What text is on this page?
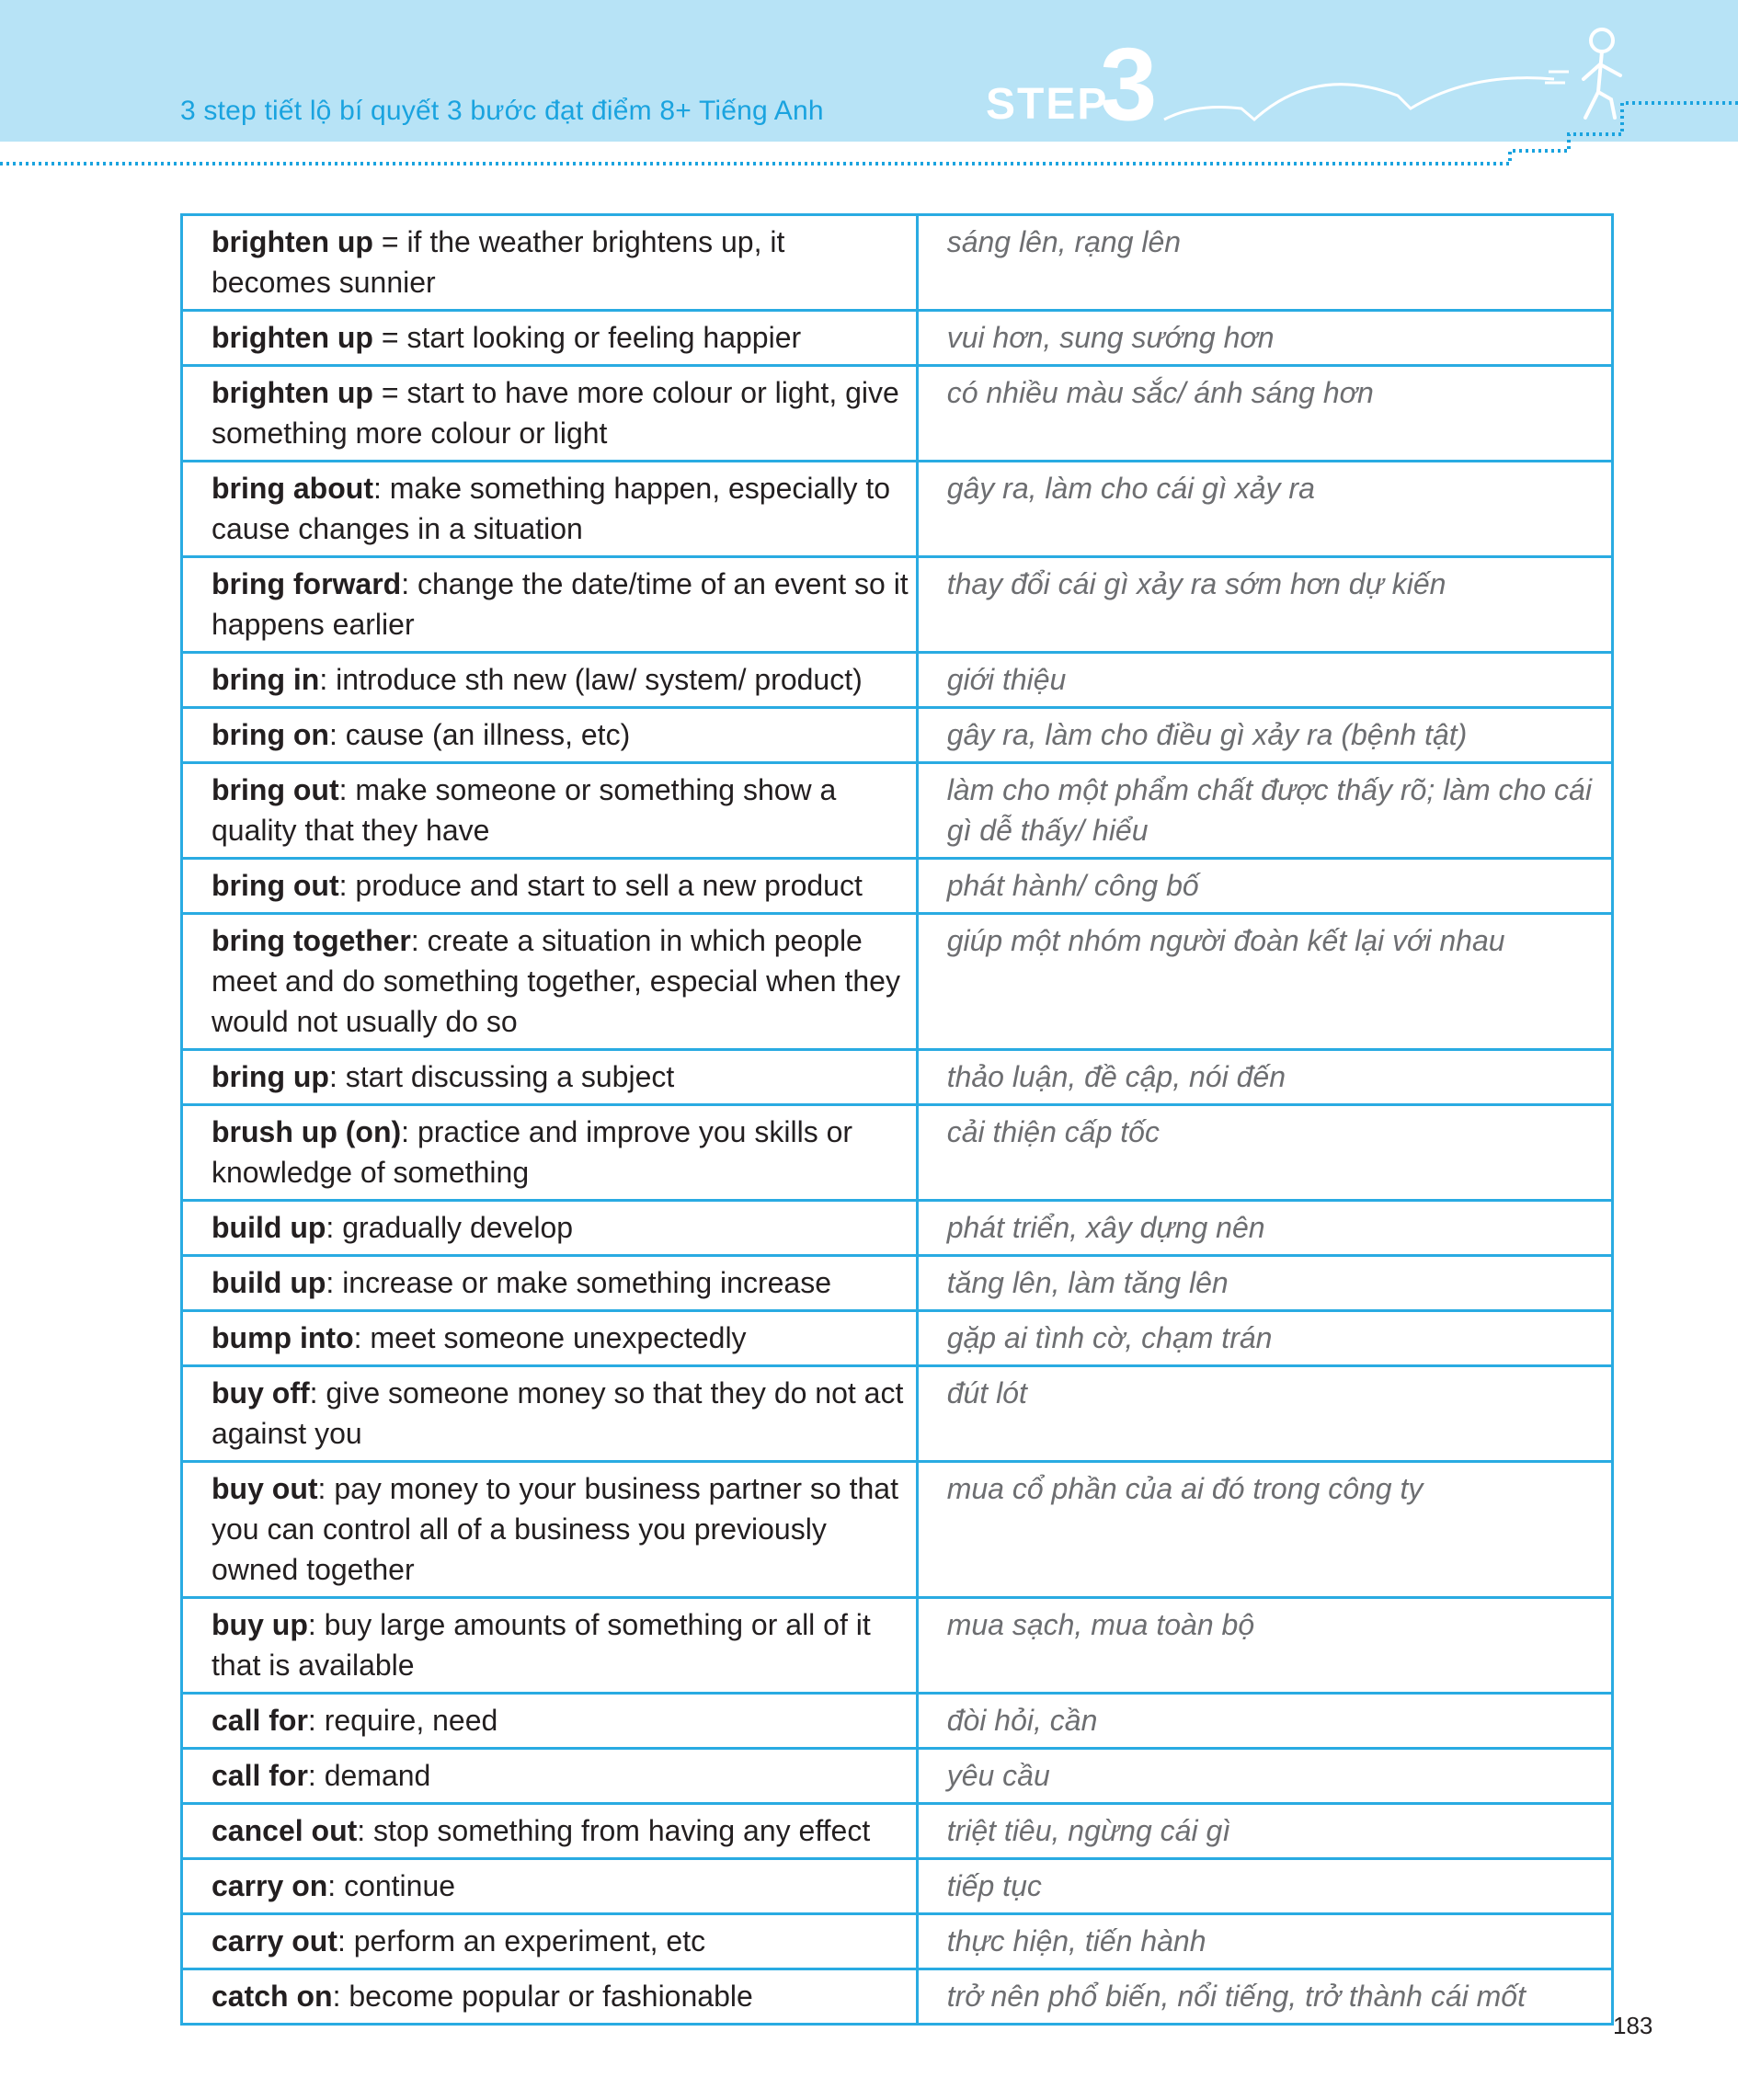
3 step tiết lộ bí quyết 3 bước đạt điểm 8+ Tiếng Anh	STEP
3
brighten up = if the weather brightens up, it becomes sunnier	sáng lên, rạng lên
brighten up = start looking or feeling happier	vui hơn, sung sướng hơn
brighten up = start to have more colour or light, give something more colour or light	có nhiều màu sắc/ ánh sáng hơn
bring about: make something happen, especially to cause changes in a situation	gây ra, làm cho cái gì xảy ra
bring forward: change the date/time of an event so it happens earlier	thay đổi cái gì xảy ra sớm hơn dự kiến
bring in: introduce sth new (law/ system/ product)	giới thiệu
bring on: cause (an illness, etc)	gây ra, làm cho điều gì xảy ra (bệnh tật)
bring out: make someone or something show a quality that they have	làm cho một phẩm chất được thấy rõ; làm cho cái gì dễ thấy/ hiểu
bring out: produce and start to sell a new product	phát hành/ công bố
bring together: create a situation in which people meet and do something together, especial when they would not usually do so	giúp một nhóm người đoàn kết lại với nhau
bring up: start discussing a subject	thảo luận, đề cập, nói đến
brush up (on): practice and improve you skills or knowledge of something	cải thiện cấp tốc
build up: gradually develop	phát triển, xây dựng nên
build up: increase or make something increase	tăng lên, làm tăng lên
bump into: meet someone unexpectedly	gặp ai tình cờ, chạm trán
buy off: give someone money so that they do not act against you	đút lót
buy out: pay money to your business partner so that you can control all of a business you previously owned together	mua cổ phần của ai đó trong công ty
buy up: buy large amounts of something or all of it that is available	mua sạch, mua toàn bộ
call for: require, need	đòi hỏi, cần
call for: demand	yêu cầu
cancel out: stop something from having any effect	triệt tiêu, ngừng cái gì
carry on: continue	tiếp tục
carry out: perform an experiment, etc	thực hiện, tiến hành
catch on: become popular or fashionable	trở nên phổ biến, nổi tiếng, trở thành cái mốt
183
